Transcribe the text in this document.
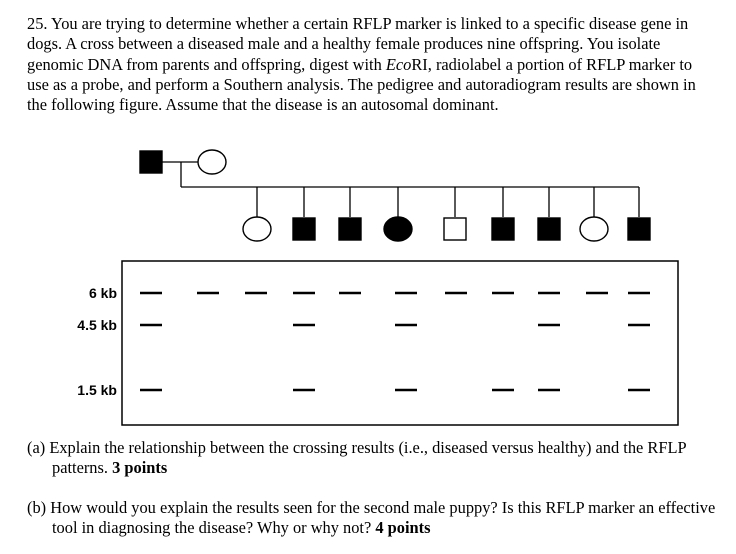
25. You are trying to determine whether a certain RFLP marker is linked to a specific disease gene in dogs. A cross between a diseased male and a healthy female produces nine offspring. You isolate genomic DNA from parents and offspring, digest with EcoRI, radiolabel a portion of RFLP marker to use as a probe, and perform a Southern analysis. The pedigree and autoradiogram results are shown in the following figure. Assume that the disease is an autosomal dominant.

6 kb
4.5 kb
1.5 kb

(a) Explain the relationship between the crossing results (i.e., diseased versus healthy) and the RFLP patterns. 3 points

(b) How would you explain the results seen for the second male puppy? Is this RFLP marker an effective tool in diagnosing the disease? Why or why not? 4 points
